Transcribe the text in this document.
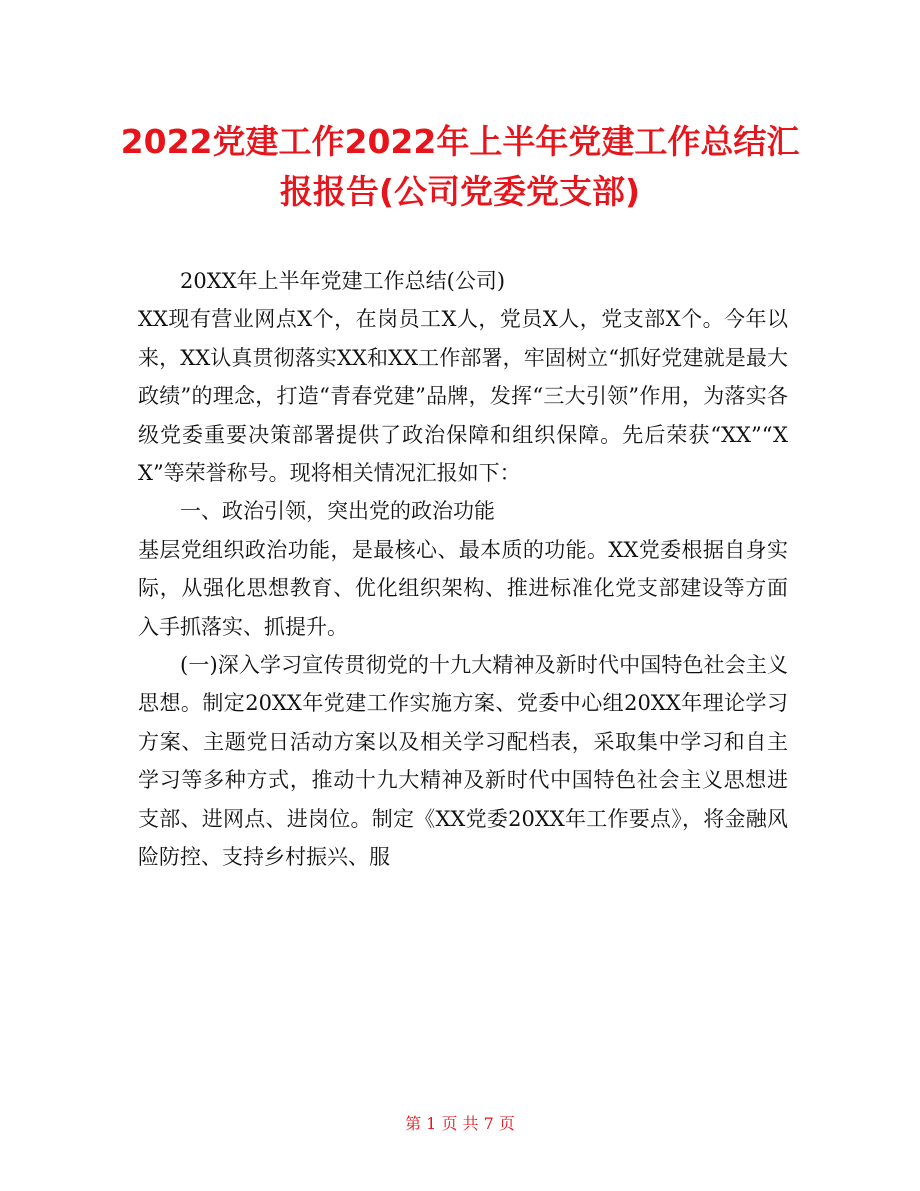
2022党建工作2022年上半年党建工作总结汇报报告(公司党委党支部)

20XX年上半年党建工作总结(公司)

XX现有营业网点X个，在岗员工X人，党员X人，党支部X个。今年以来，XX认真贯彻落实XX和XX工作部署，牢固树立“抓好党建就是最大政绩”的理念，打造“青春党建”品牌，发挥“三大引领”作用，为落实各级党委重要决策部署提供了政治保障和组织保障。先后荣获“XX”“XX”等荣誉称号。现将相关情况汇报如下：

一、政治引领，突出党的政治功能

基层党组织政治功能，是最核心、最本质的功能。XX党委根据自身实际，从强化思想教育、优化组织架构、推进标准化党支部建设等方面入手抓落实、抓提升。

(一)深入学习宣传贯彻党的十九大精神及新时代中国特色社会主义思想。制定20XX年党建工作实施方案、党委中心组20XX年理论学习方案、主题党日活动方案以及相关学习配档表，采取集中学习和自主学习等多种方式，推动十九大精神及新时代中国特色社会主义思想进支部、进网点、进岗位。制定《XX党委20XX年工作要点》，将金融风险防控、支持乡村振兴、服

第 1 页 共 7 页
